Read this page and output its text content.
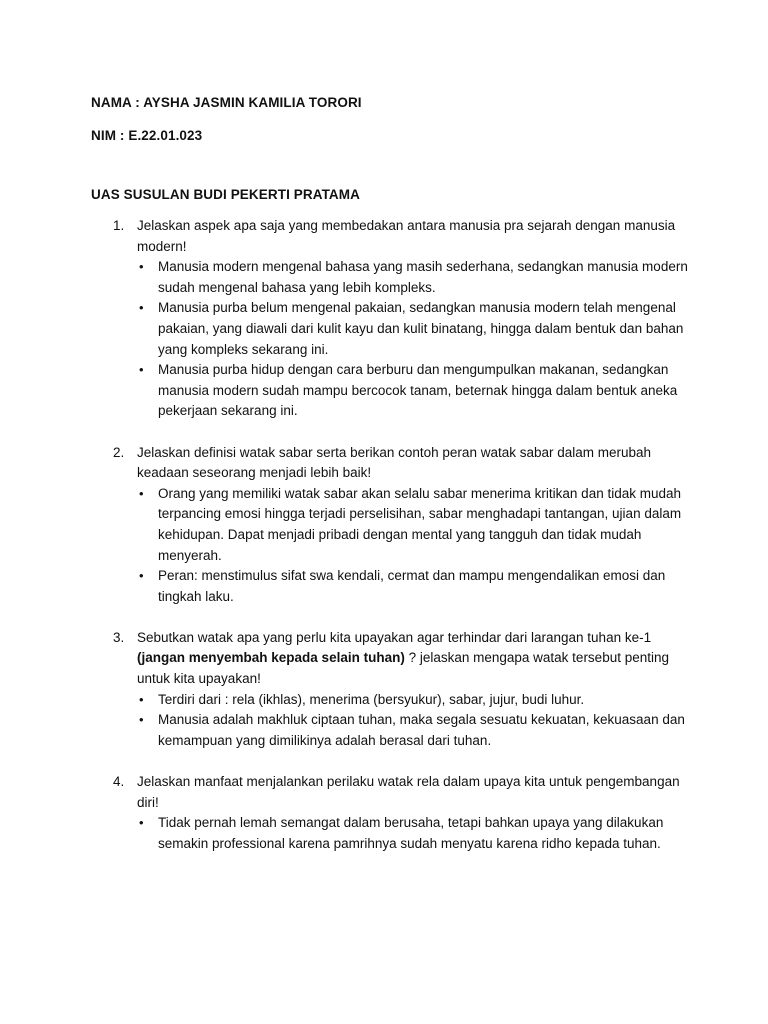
NAMA : AYSHA JASMIN KAMILIA TORORI
NIM : E.22.01.023
UAS SUSULAN BUDI PEKERTI PRATAMA
1. Jelaskan aspek apa saja yang membedakan antara manusia pra sejarah dengan manusia modern!
• Manusia modern mengenal bahasa yang masih sederhana, sedangkan manusia modern sudah mengenal bahasa yang lebih kompleks.
• Manusia purba belum mengenal pakaian, sedangkan manusia modern telah mengenal pakaian, yang diawali dari kulit kayu dan kulit binatang, hingga dalam bentuk dan bahan yang kompleks sekarang ini.
• Manusia purba hidup dengan cara berburu dan mengumpulkan makanan, sedangkan manusia modern sudah mampu bercocok tanam, beternak hingga dalam bentuk aneka pekerjaan sekarang ini.
2. Jelaskan definisi watak sabar serta berikan contoh peran watak sabar dalam merubah keadaan seseorang menjadi lebih baik!
• Orang yang memiliki watak sabar akan selalu sabar menerima kritikan dan tidak mudah terpancing emosi hingga terjadi perselisihan, sabar menghadapi tantangan, ujian dalam kehidupan. Dapat menjadi pribadi dengan mental yang tangguh dan tidak mudah menyerah.
• Peran: menstimulus sifat swa kendali, cermat dan mampu mengendalikan emosi dan tingkah laku.
3. Sebutkan watak apa yang perlu kita upayakan agar terhindar dari larangan tuhan ke-1 (jangan menyembah kepada selain tuhan) ? jelaskan mengapa watak tersebut penting untuk kita upayakan!
• Terdiri dari : rela (ikhlas), menerima (bersyukur), sabar, jujur, budi luhur.
• Manusia adalah makhluk ciptaan tuhan, maka segala sesuatu kekuatan, kekuasaan dan kemampuan yang dimilikinya adalah berasal dari tuhan.
4. Jelaskan manfaat menjalankan perilaku watak rela dalam upaya kita untuk pengembangan diri!
• Tidak pernah lemah semangat dalam berusaha, tetapi bahkan upaya yang dilakukan semakin professional karena pamrihnya sudah menyatu karena ridho kepada tuhan.
